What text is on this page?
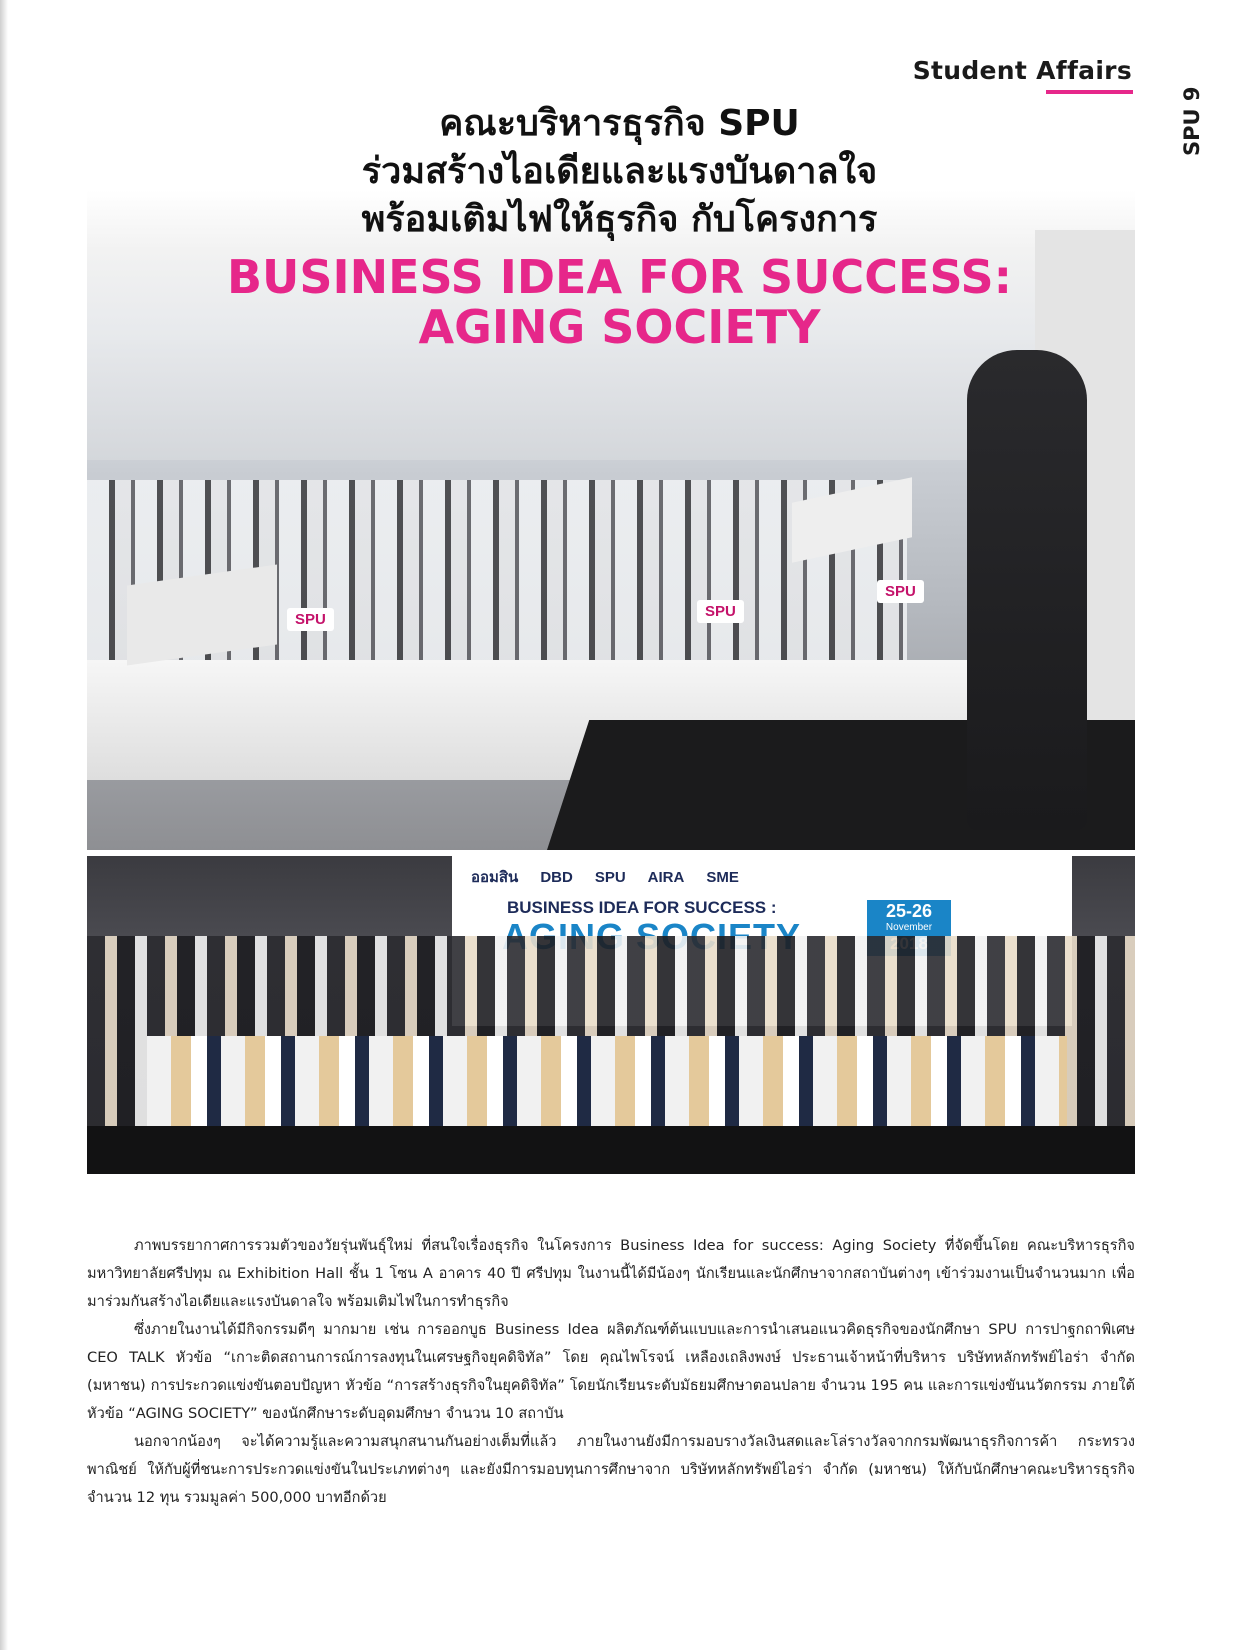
Student Affairs
SPU 9
SPU	SPU
SPU
คณะบริหารธุรกิจ SPU
ร่วมสร้างไอเดียและแรงบันดาลใจ
พร้อมเติมไฟให้ธุรกิจ กับโครงการ
BUSINESS IDEA FOR SUCCESS:
AGING SOCIETY
ออมสิน DBD SPU AIRA SME
BUSINESS IDEA FOR SUCCESS :	25-26
November

ภาพบรรยากาศการรวมตัวของวัยรุ่นพันธุ์ใหม่ ที่สนใจเรื่องธุรกิจ ในโครงการ Business Idea for success: Aging Society ที่จัดขึ้นโดย คณะบริหารธุรกิจ มหาวิทยาลัยศรีปทุม ณ Exhibition Hall ชั้น 1 โซน A อาคาร 40 ปี ศรีปทุม ในงานนี้ได้มีน้องๆ นักเรียนและนักศึกษาจากสถาบันต่างๆ เข้าร่วมงานเป็นจำนวนมาก เพื่อมาร่วมกันสร้างไอเดียและแรงบันดาลใจ พร้อมเติมไฟในการทำธุรกิจ

ซึ่งภายในงานได้มีกิจกรรมดีๆ มากมาย เช่น การออกบูธ Business Idea ผลิตภัณฑ์ต้นแบบและการนำเสนอแนวคิดธุรกิจของนักศึกษา SPU การปาฐกถาพิเศษ CEO TALK หัวข้อ “เกาะติดสถานการณ์การลงทุนในเศรษฐกิจยุคดิจิทัล” โดย คุณไพโรจน์ เหลืองเถลิงพงษ์ ประธานเจ้าหน้าที่บริหาร บริษัทหลักทรัพย์ไอร่า จำกัด (มหาชน) การประกวดแข่งขันตอบปัญหา หัวข้อ “การสร้างธุรกิจในยุคดิจิทัล” โดยนักเรียนระดับมัธยมศึกษาตอนปลาย จำนวน 195 คน และการแข่งขันนวัตกรรม ภายใต้หัวข้อ “AGING SOCIETY” ของนักศึกษาระดับอุดมศึกษา จำนวน 10 สถาบัน

นอกจากน้องๆ จะได้ความรู้และความสนุกสนานกันอย่างเต็มที่แล้ว ภายในงานยังมีการมอบรางวัลเงินสดและโล่รางวัลจากกรมพัฒนาธุรกิจการค้า กระทรวงพาณิชย์ ให้กับผู้ที่ชนะการประกวดแข่งขันในประเภทต่างๆ และยังมีการมอบทุนการศึกษาจาก บริษัทหลักทรัพย์ไอร่า จำกัด (มหาชน) ให้กับนักศึกษาคณะบริหารธุรกิจ จำนวน 12 ทุน รวมมูลค่า 500,000 บาทอีกด้วย
